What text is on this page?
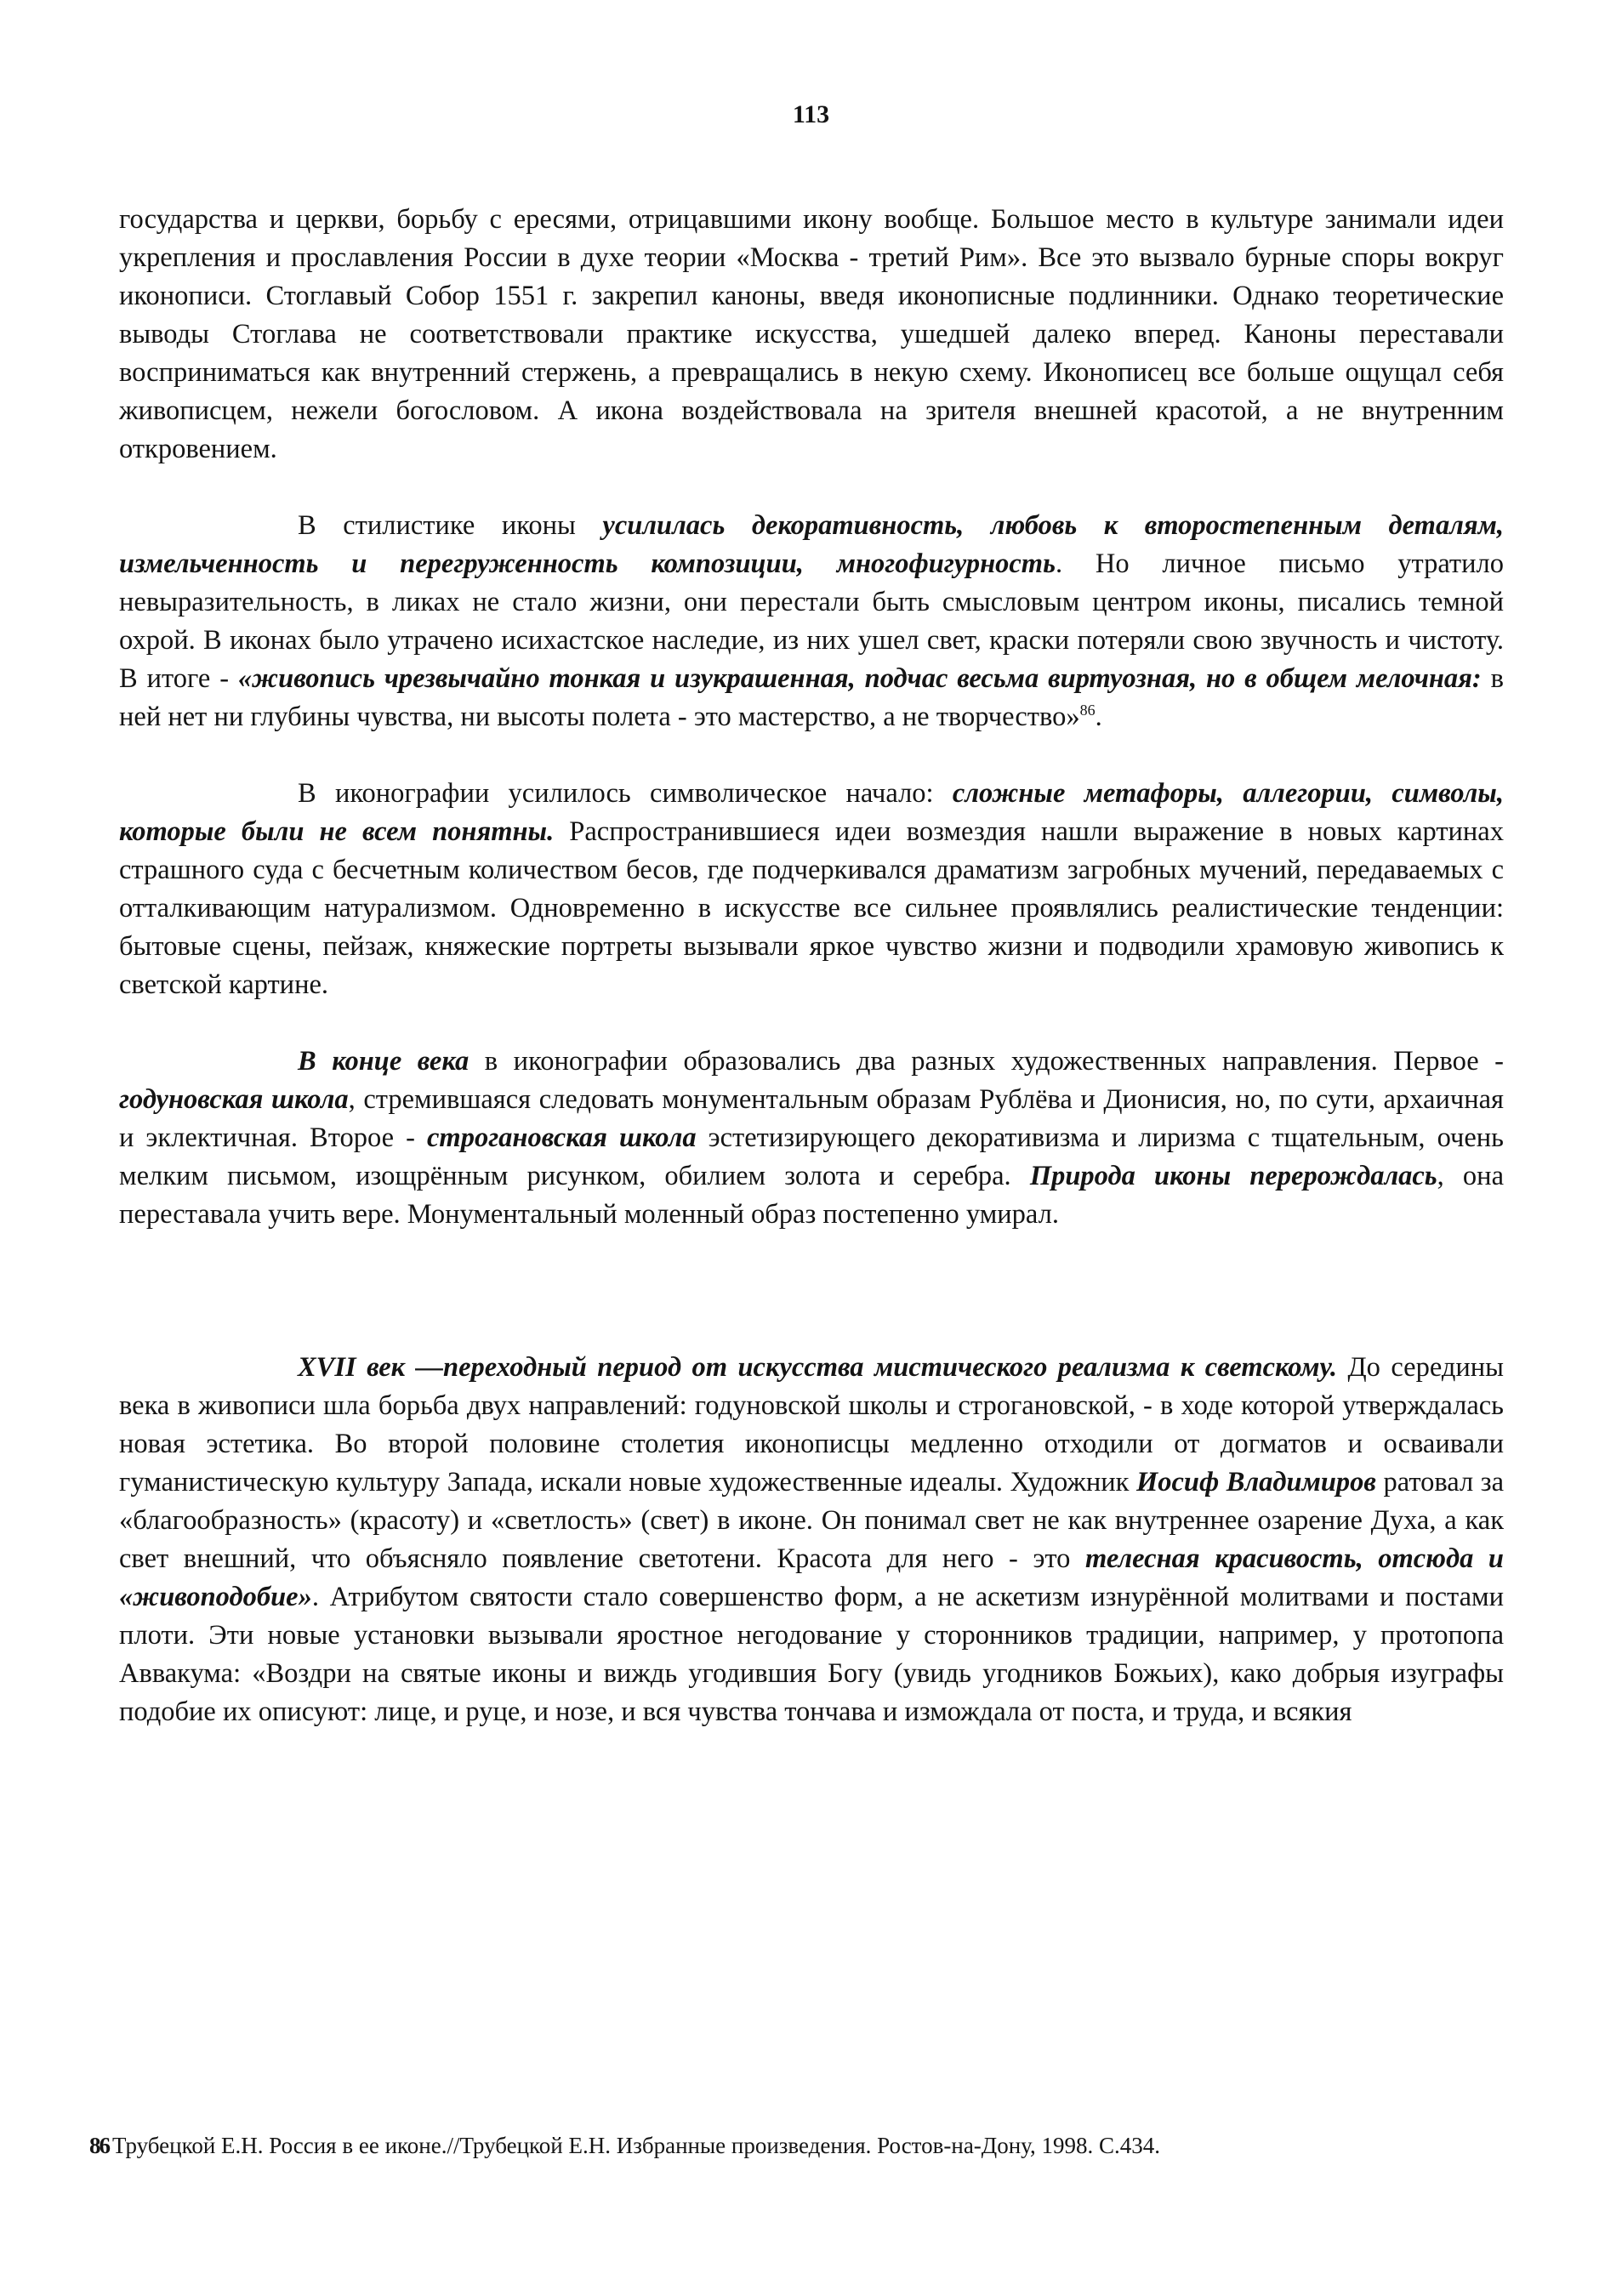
113

государства и церкви, борьбу с ересями, отрицавшими икону вообще. Большое место в культуре занимали идеи укрепления и прославления России в духе теории «Москва - третий Рим». Все это вызвало бурные споры вокруг иконописи. Стоглавый Собор 1551 г. закрепил каноны, введя иконописные подлинники. Однако теоретические выводы Стоглава не соответствовали практике искусства, ушедшей далеко вперед. Каноны переставали восприниматься как внутренний стержень, а превращались в некую схему. Иконописец все больше ощущал себя живописцем, нежели богословом. А икона воздействовала на зрителя внешней красотой, а не внутренним откровением.

В стилистике иконы усилилась декоративность, любовь к второстепенным деталям, измельченность и перегруженность композиции, многофигурность. Но личное письмо утратило невыразительность, в ликах не стало жизни, они перестали быть смысловым центром иконы, писались темной охрой. В иконах было утрачено исихастское наследие, из них ушел свет, краски потеряли свою звучность и чистоту. В итоге - «живопись чрезвычайно тонкая и изукрашенная, подчас весьма виртуозная, но в общем мелочная: в ней нет ни глубины чувства, ни высоты полета - это мастерство, а не творчество»$^{86}$.

В иконографии усилилось символическое начало: сложные метафоры, аллегории, символы, которые были не всем понятны. Распространившиеся идеи возмездия нашли выражение в новых картинах страшного суда с бесчетным количеством бесов, где подчеркивался драматизм загробных мучений, передаваемых с отталкивающим натурализмом. Одновременно в искусстве все сильнее проявлялись реалистические тенденции: бытовые сцены, пейзаж, княжеские портреты вызывали яркое чувство жизни и подводили храмовую живопись к светской картине.

В конце века в иконографии образовались два разных художественных направления. Первое - годуновская школа, стремившаяся следовать монументальным образам Рублёва и Дионисия, но, по сути, архаичная и эклектичная. Второе - строгановская школа эстетизирующего декоративизма и лиризма с тщательным, очень мелким письмом, изощрённым рисунком, обилием золота и серебра. Природа иконы перерождалась, она переставала учить вере. Монументальный моленный образ постепенно умирал.

XVII век —переходный период от искусства мистического реализма к светскому. До середины века в живописи шла борьба двух направлений: годуновской школы и строгановской, - в ходе которой утверждалась новая эстетика. Во второй половине столетия иконописцы медленно отходили от догматов и осваивали гуманистическую культуру Запада, искали новые художественные идеалы. Художник Иосиф Владимиров ратовал за «благообразность» (красоту) и «светлость» (свет) в иконе. Он понимал свет не как внутреннее озарение Духа, а как свет внешний, что объясняло появление светотени. Красота для него - это телесная красивость, отсюда и «живоподобие». Атрибутом святости стало совершенство форм, а не аскетизм изнурённой молитвами и постами плоти. Эти новые установки вызывали яростное негодование у сторонников традиции, например, у протопопа Аввакума: «Воздри на святые иконы и виждь угодившия Богу (увидь угодников Божьих), како добрыя изуграфы подобие их описуют: лице, и руце, и нозе, и вся чувства тончава и измождала от поста, и труда, и всякия

86 Трубецкой Е.Н. Россия в ее иконе.//Трубецкой Е.Н. Избранные произведения. Ростов-на-Дону, 1998. С.434.
